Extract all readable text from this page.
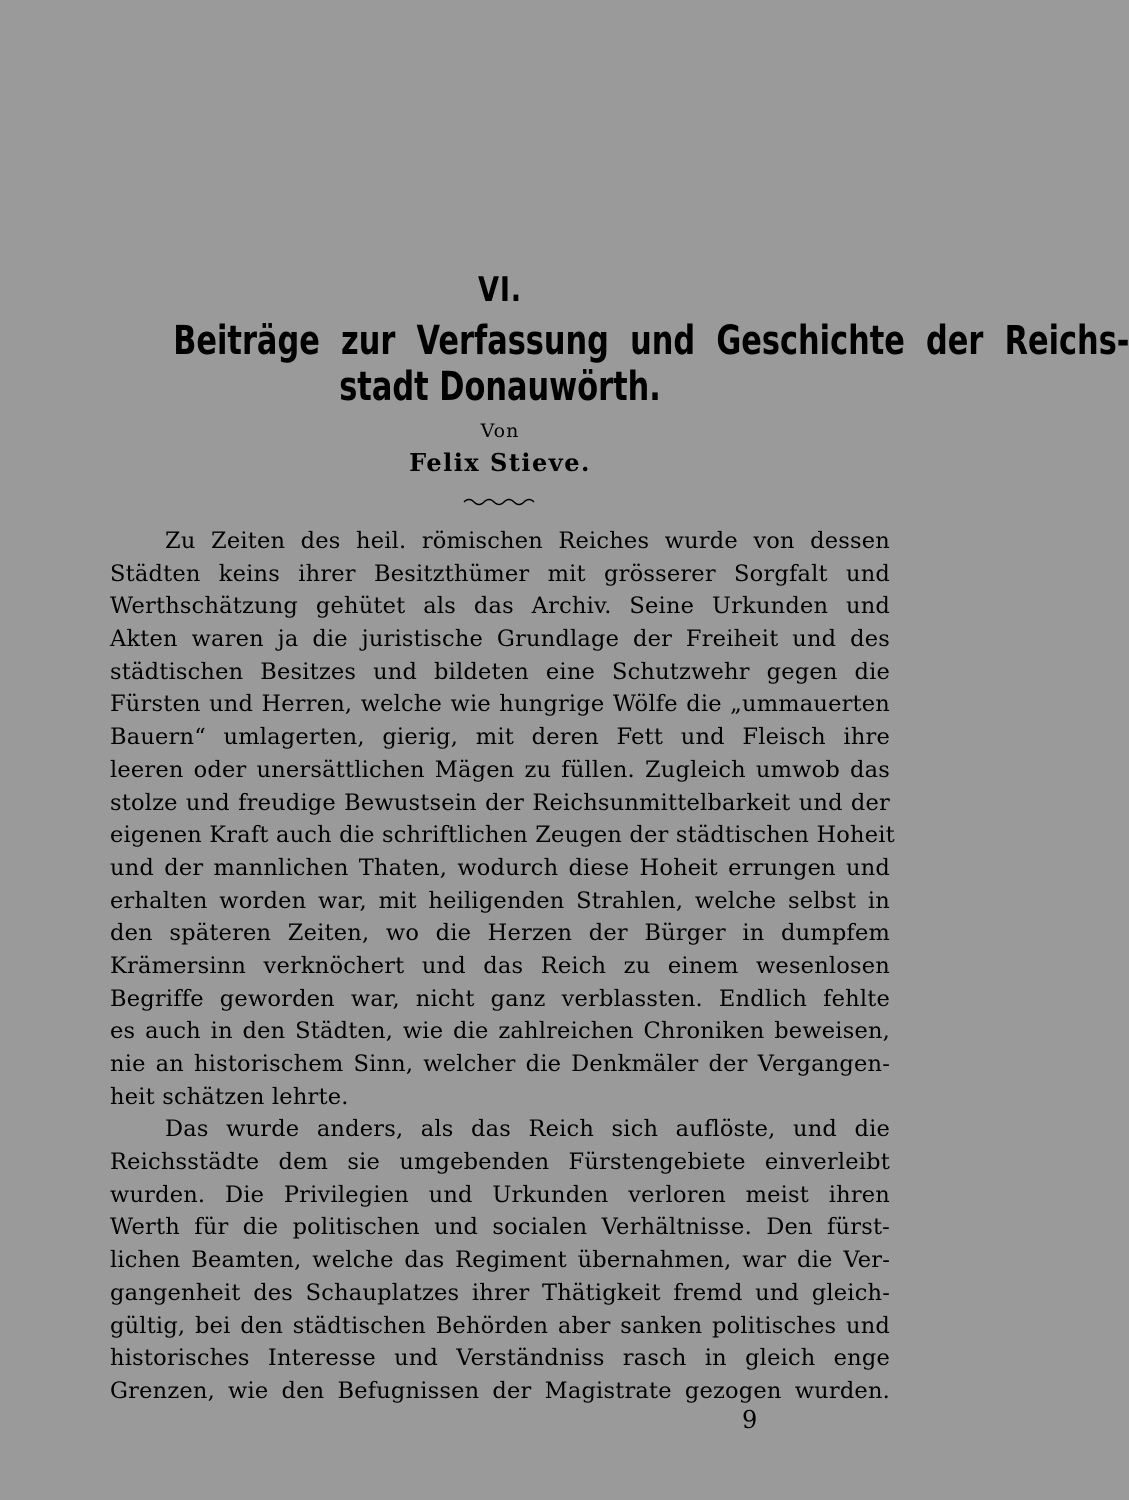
VI.
Beiträge  zur  Verfassung  und  Geschichte  der  Reichs-
stadt Donauwörth.
Von
Felix Stieve.
Zu Zeiten des heil. römischen Reiches wurde von dessen
Städten keins ihrer Besitzthümer mit grösserer Sorgfalt und
Werthschätzung gehütet als das Archiv. Seine Urkunden und
Akten waren ja die juristische Grundlage der Freiheit und des
städtischen Besitzes und bildeten eine Schutzwehr gegen die
Fürsten und Herren, welche wie hungrige Wölfe die „ummauerten
Bauern“ umlagerten, gierig, mit deren Fett und Fleisch ihre
leeren oder unersättlichen Mägen zu füllen. Zugleich umwob das
stolze und freudige Bewustsein der Reichsunmittelbarkeit und der
eigenen Kraft auch die schriftlichen Zeugen der städtischen Hoheit
und der mannlichen Thaten, wodurch diese Hoheit errungen und
erhalten worden war, mit heiligenden Strahlen, welche selbst in
den späteren Zeiten, wo die Herzen der Bürger in dumpfem
Krämersinn verknöchert und das Reich zu einem wesenlosen
Begriffe geworden war, nicht ganz verblassten. Endlich fehlte
es auch in den Städten, wie die zahlreichen Chroniken beweisen,
nie an historischem Sinn, welcher die Denkmäler der Vergangen-
heit schätzen lehrte.
Das wurde anders, als das Reich sich auflöste, und die
Reichsstädte dem sie umgebenden Fürstengebiete einverleibt
wurden. Die Privilegien und Urkunden verloren meist ihren
Werth für die politischen und socialen Verhältnisse. Den fürst-
lichen Beamten, welche das Regiment übernahmen, war die Ver-
gangenheit des Schauplatzes ihrer Thätigkeit fremd und gleich-
gültig, bei den städtischen Behörden aber sanken politisches und
historisches Interesse und Verständniss rasch in gleich enge
Grenzen, wie den Befugnissen der Magistrate gezogen wurden.
9
